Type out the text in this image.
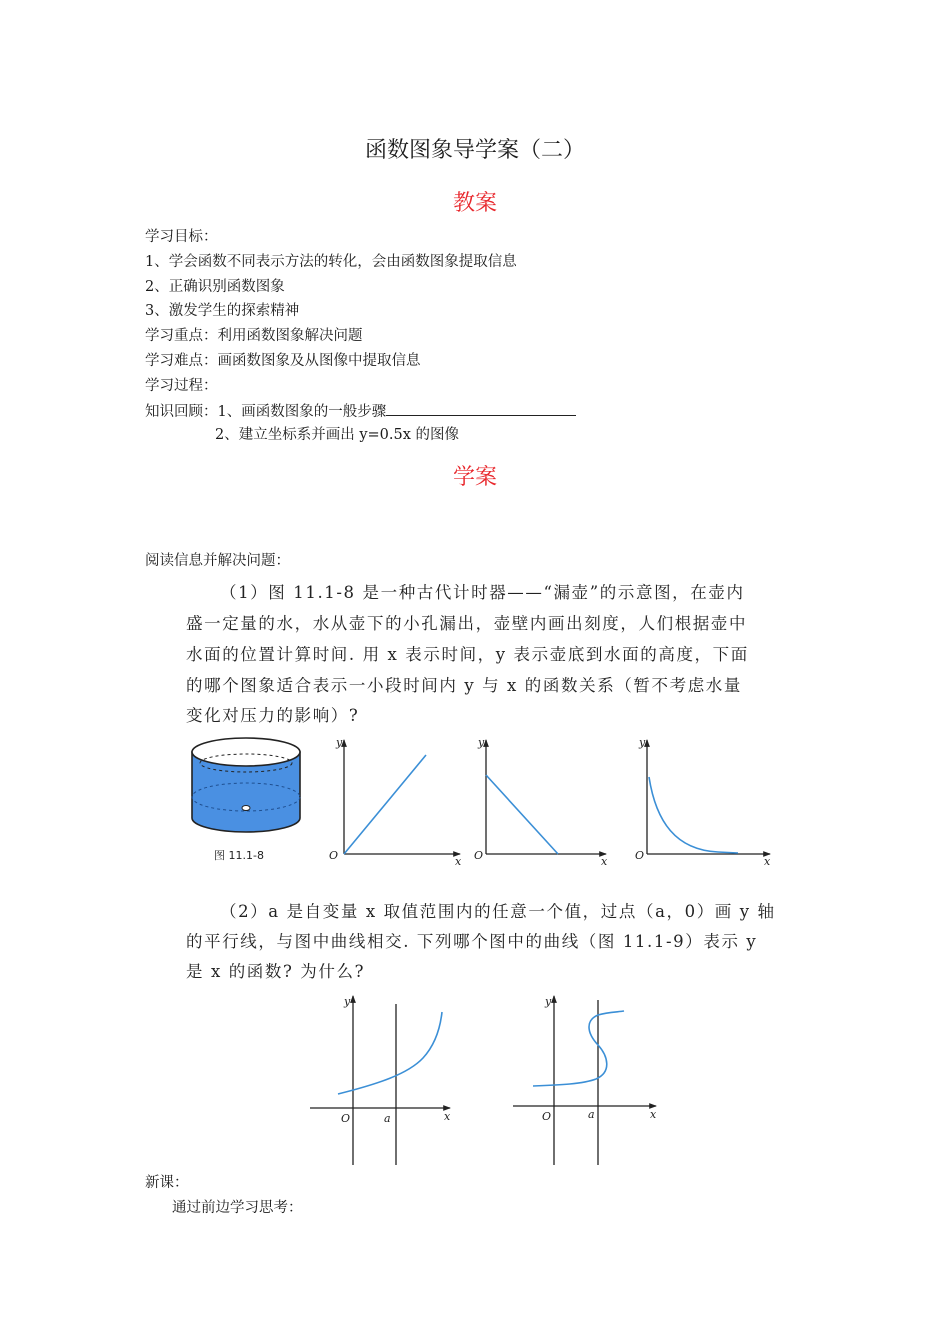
函数图象导学案（二）
教案
学习目标：
1、学会函数不同表示方法的转化，会由函数图象提取信息
2、正确识别函数图象
3、激发学生的探索精神
学习重点：利用函数图象解决问题
学习难点：画函数图象及从图像中提取信息
学习过程：
知识回顾：1、画函数图象的一般步骤
2、建立坐标系并画出 y=0.5x 的图像
学案
阅读信息并解决问题：
（1）图 11.1-8 是一种古代计时器——“漏壶”的示意图，在壶内
盛一定量的水，水从壶下的小孔漏出，壶壁内画出刻度，人们根据壶中
水面的位置计算时间. 用 x 表示时间，y 表示壶底到水面的高度，下面
的哪个图象适合表示一小段时间内 y 与 x 的函数关系（暂不考虑水量
变化对压力的影响）?
图 11.1-8
y
x
O
y
x
O
y
x
O
（2）a 是自变量 x 取值范围内的任意一个值，过点（a，0）画 y 轴
的平行线，与图中曲线相交. 下列哪个图中的曲线（图 11.1-9）表示 y
是 x 的函数? 为什么?
y
x
O	a
y
x
O	a
新课：
通过前边学习思考：
